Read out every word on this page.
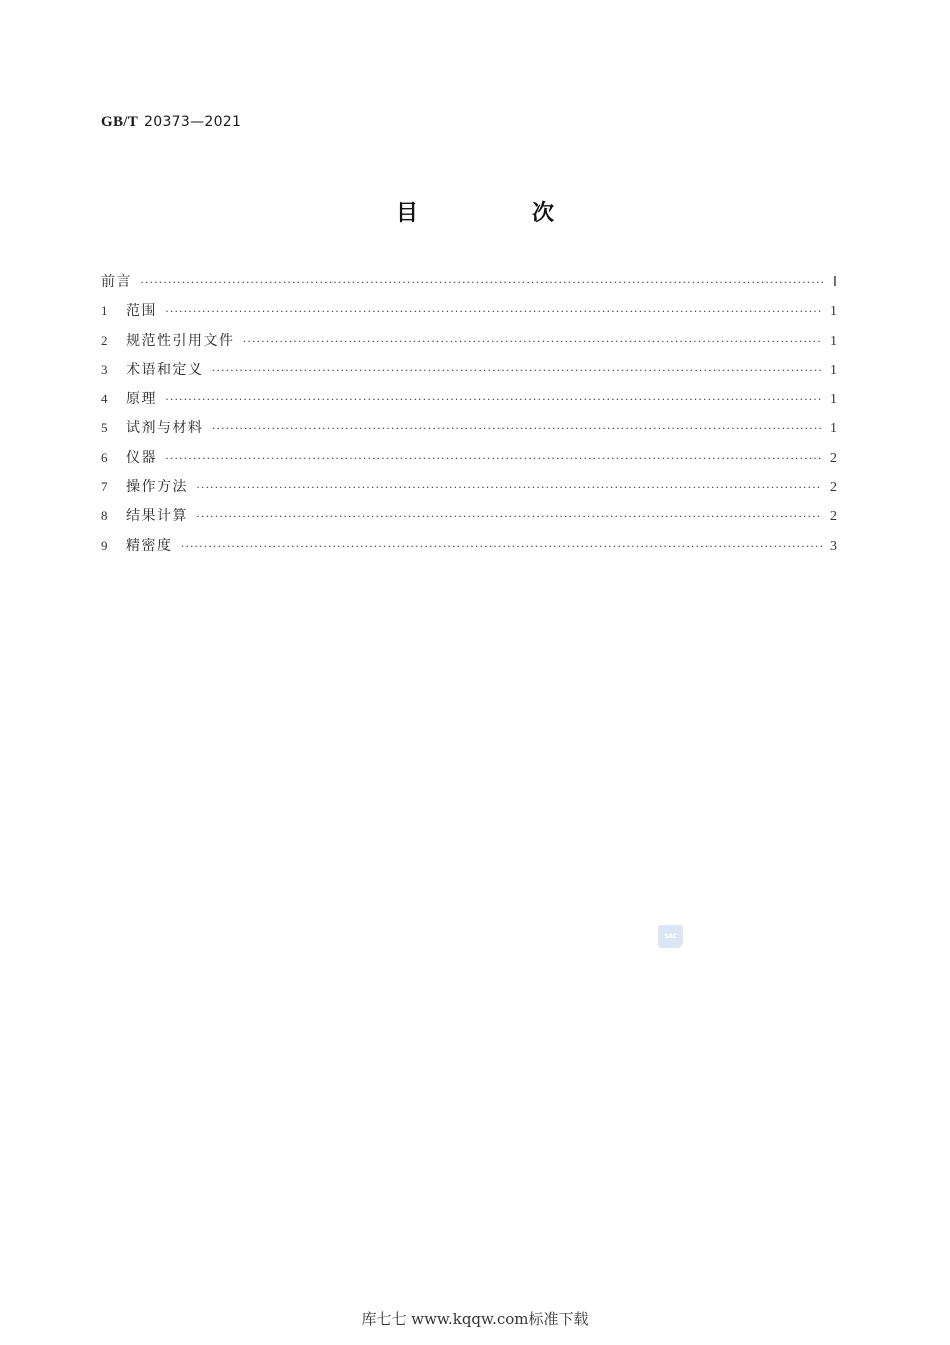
GB/T 20373—2021
目　次
前言 ·····	Ⅰ
1	范围 ·····	1
2	规范性引用文件 ·····	1
3	术语和定义 ·····	1
4	原理 ·····	1
5	试剂与材料 ·····	1
6	仪器 ·····	2
7	操作方法 ·····	2
8	结果计算 ·····	2
9	精密度 ·····	3
SAC
库七七 www.kqqw.com标准下载
